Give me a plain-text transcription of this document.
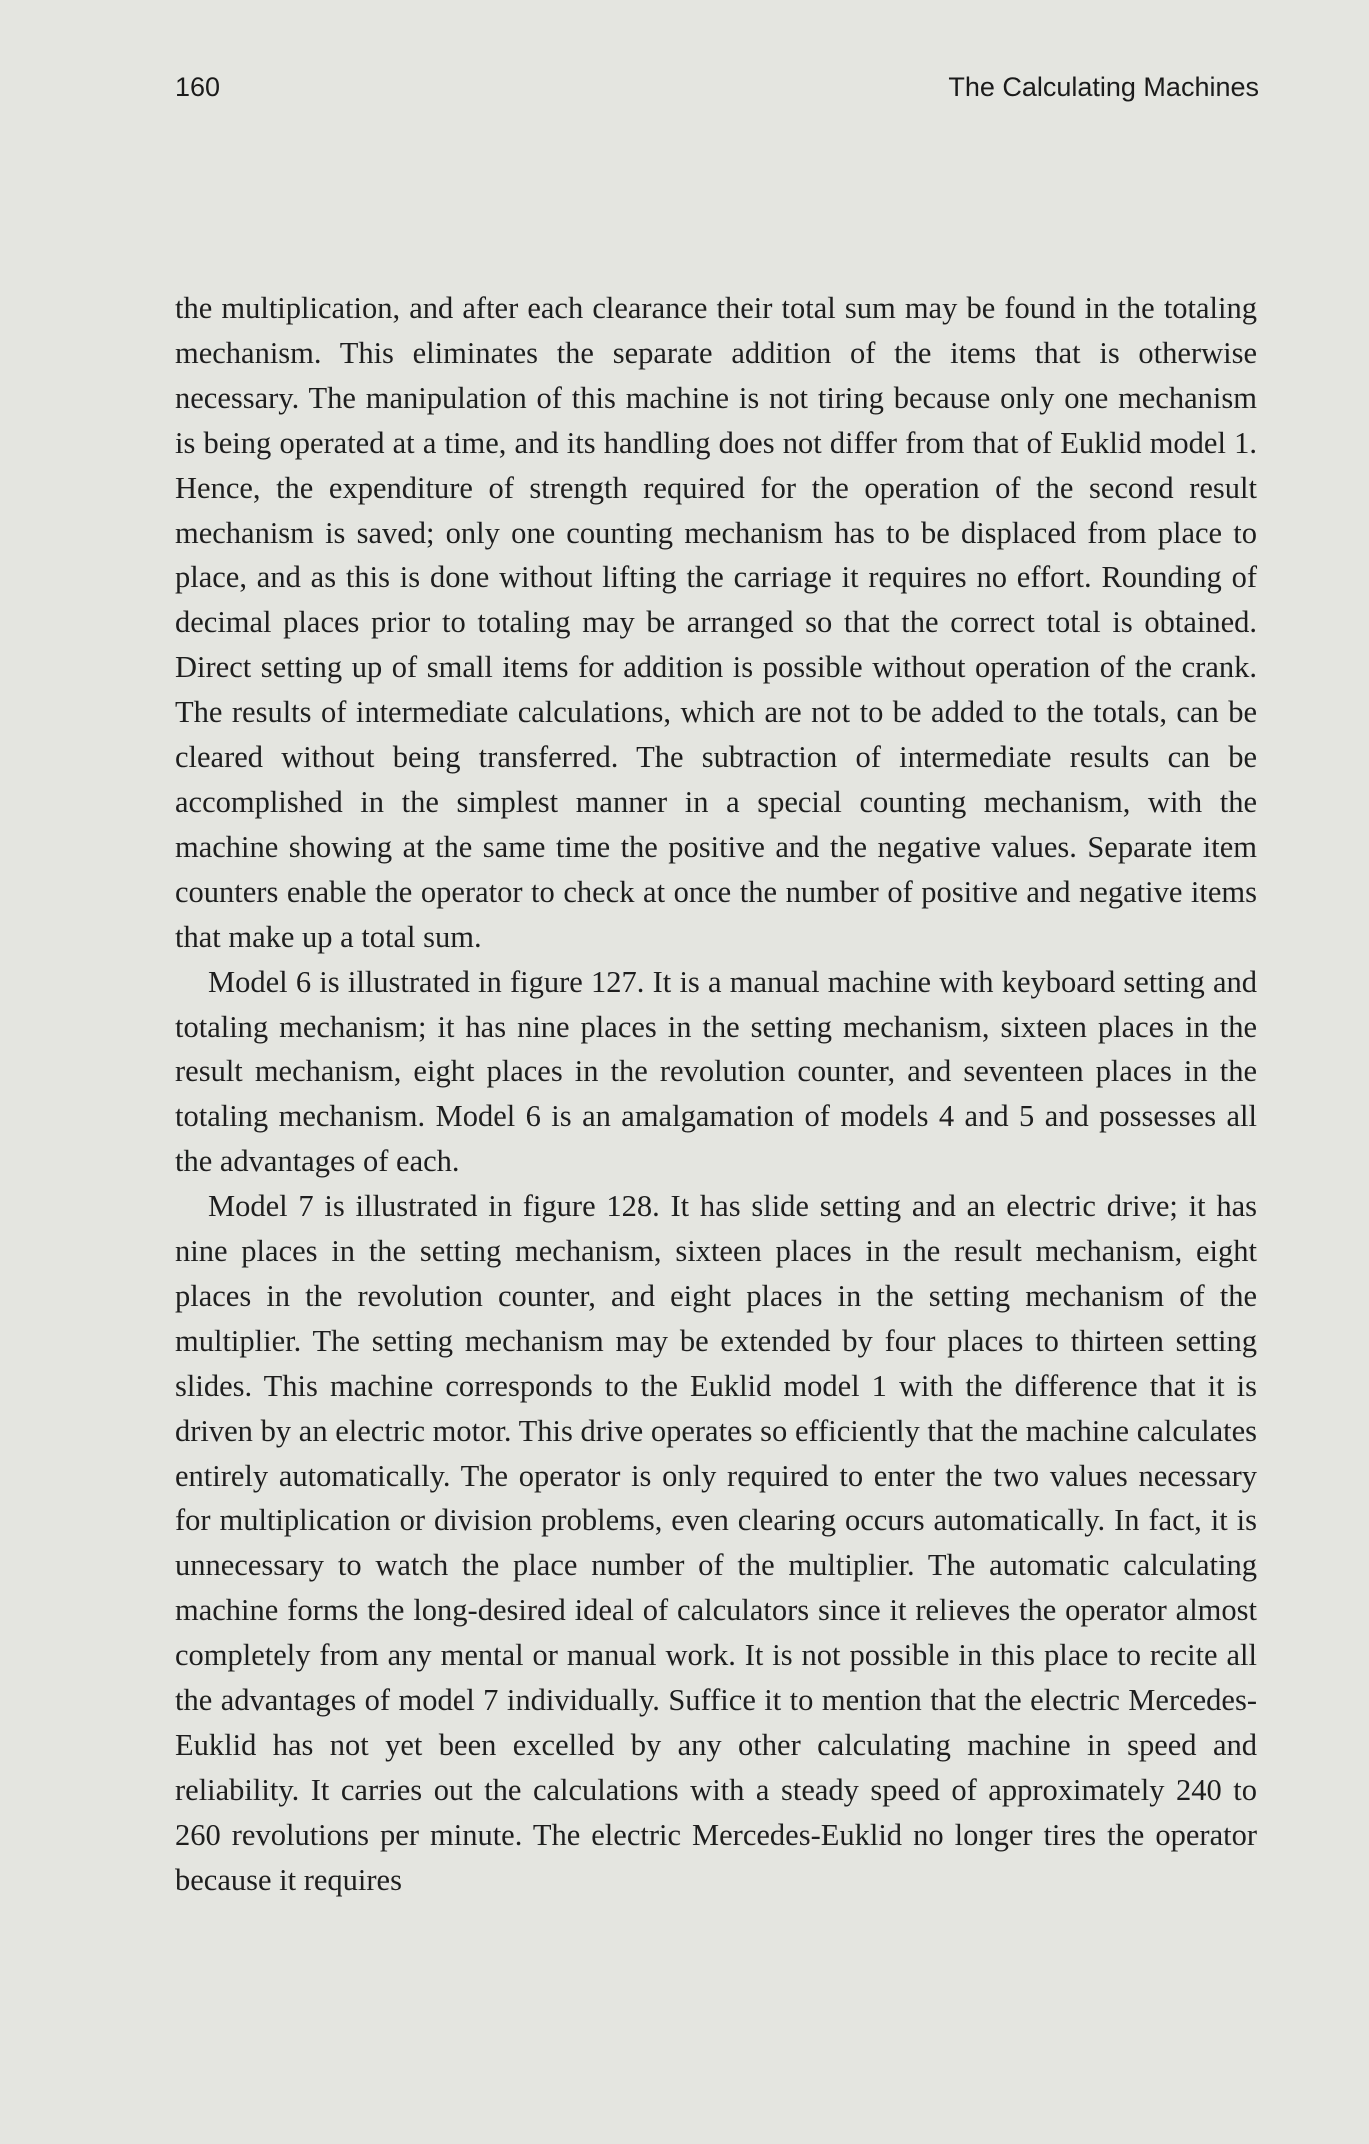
160	The Calculating Machines

the multiplication, and after each clearance their total sum may be found in the totaling mechanism. This eliminates the separate addition of the items that is otherwise necessary. The manipulation of this machine is not tiring because only one mechanism is being operated at a time, and its handling does not differ from that of Euklid model 1. Hence, the expenditure of strength required for the operation of the second result mechanism is saved; only one counting mechanism has to be displaced from place to place, and as this is done without lifting the carriage it requires no effort. Rounding of decimal places prior to totaling may be arranged so that the correct total is obtained. Direct setting up of small items for addition is possible without operation of the crank. The results of intermediate calculations, which are not to be added to the totals, can be cleared without being transferred. The subtraction of intermediate results can be accomplished in the simplest manner in a special counting mechanism, with the machine showing at the same time the positive and the negative values. Separate item counters enable the operator to check at once the number of positive and negative items that make up a total sum.

Model 6 is illustrated in figure 127. It is a manual machine with keyboard setting and totaling mechanism; it has nine places in the setting mechanism, sixteen places in the result mechanism, eight places in the revolution counter, and seventeen places in the totaling mechanism. Model 6 is an amalgamation of models 4 and 5 and possesses all the advantages of each.

Model 7 is illustrated in figure 128. It has slide setting and an electric drive; it has nine places in the setting mechanism, sixteen places in the result mechanism, eight places in the revolution counter, and eight places in the setting mechanism of the multiplier. The setting mechanism may be extended by four places to thirteen setting slides. This machine corresponds to the Euklid model 1 with the difference that it is driven by an electric motor. This drive operates so efficiently that the machine calculates entirely automatically. The operator is only required to enter the two values necessary for multiplication or division problems, even clearing occurs automatically. In fact, it is unnecessary to watch the place number of the multiplier. The automatic calculating machine forms the long-desired ideal of calculators since it relieves the operator almost completely from any mental or manual work. It is not possible in this place to recite all the advantages of model 7 individually. Suffice it to mention that the electric Mercedes-Euklid has not yet been excelled by any other calculating machine in speed and reliability. It carries out the calculations with a steady speed of approximately 240 to 260 revolutions per minute. The electric Mercedes-Euklid no longer tires the operator because it requires
